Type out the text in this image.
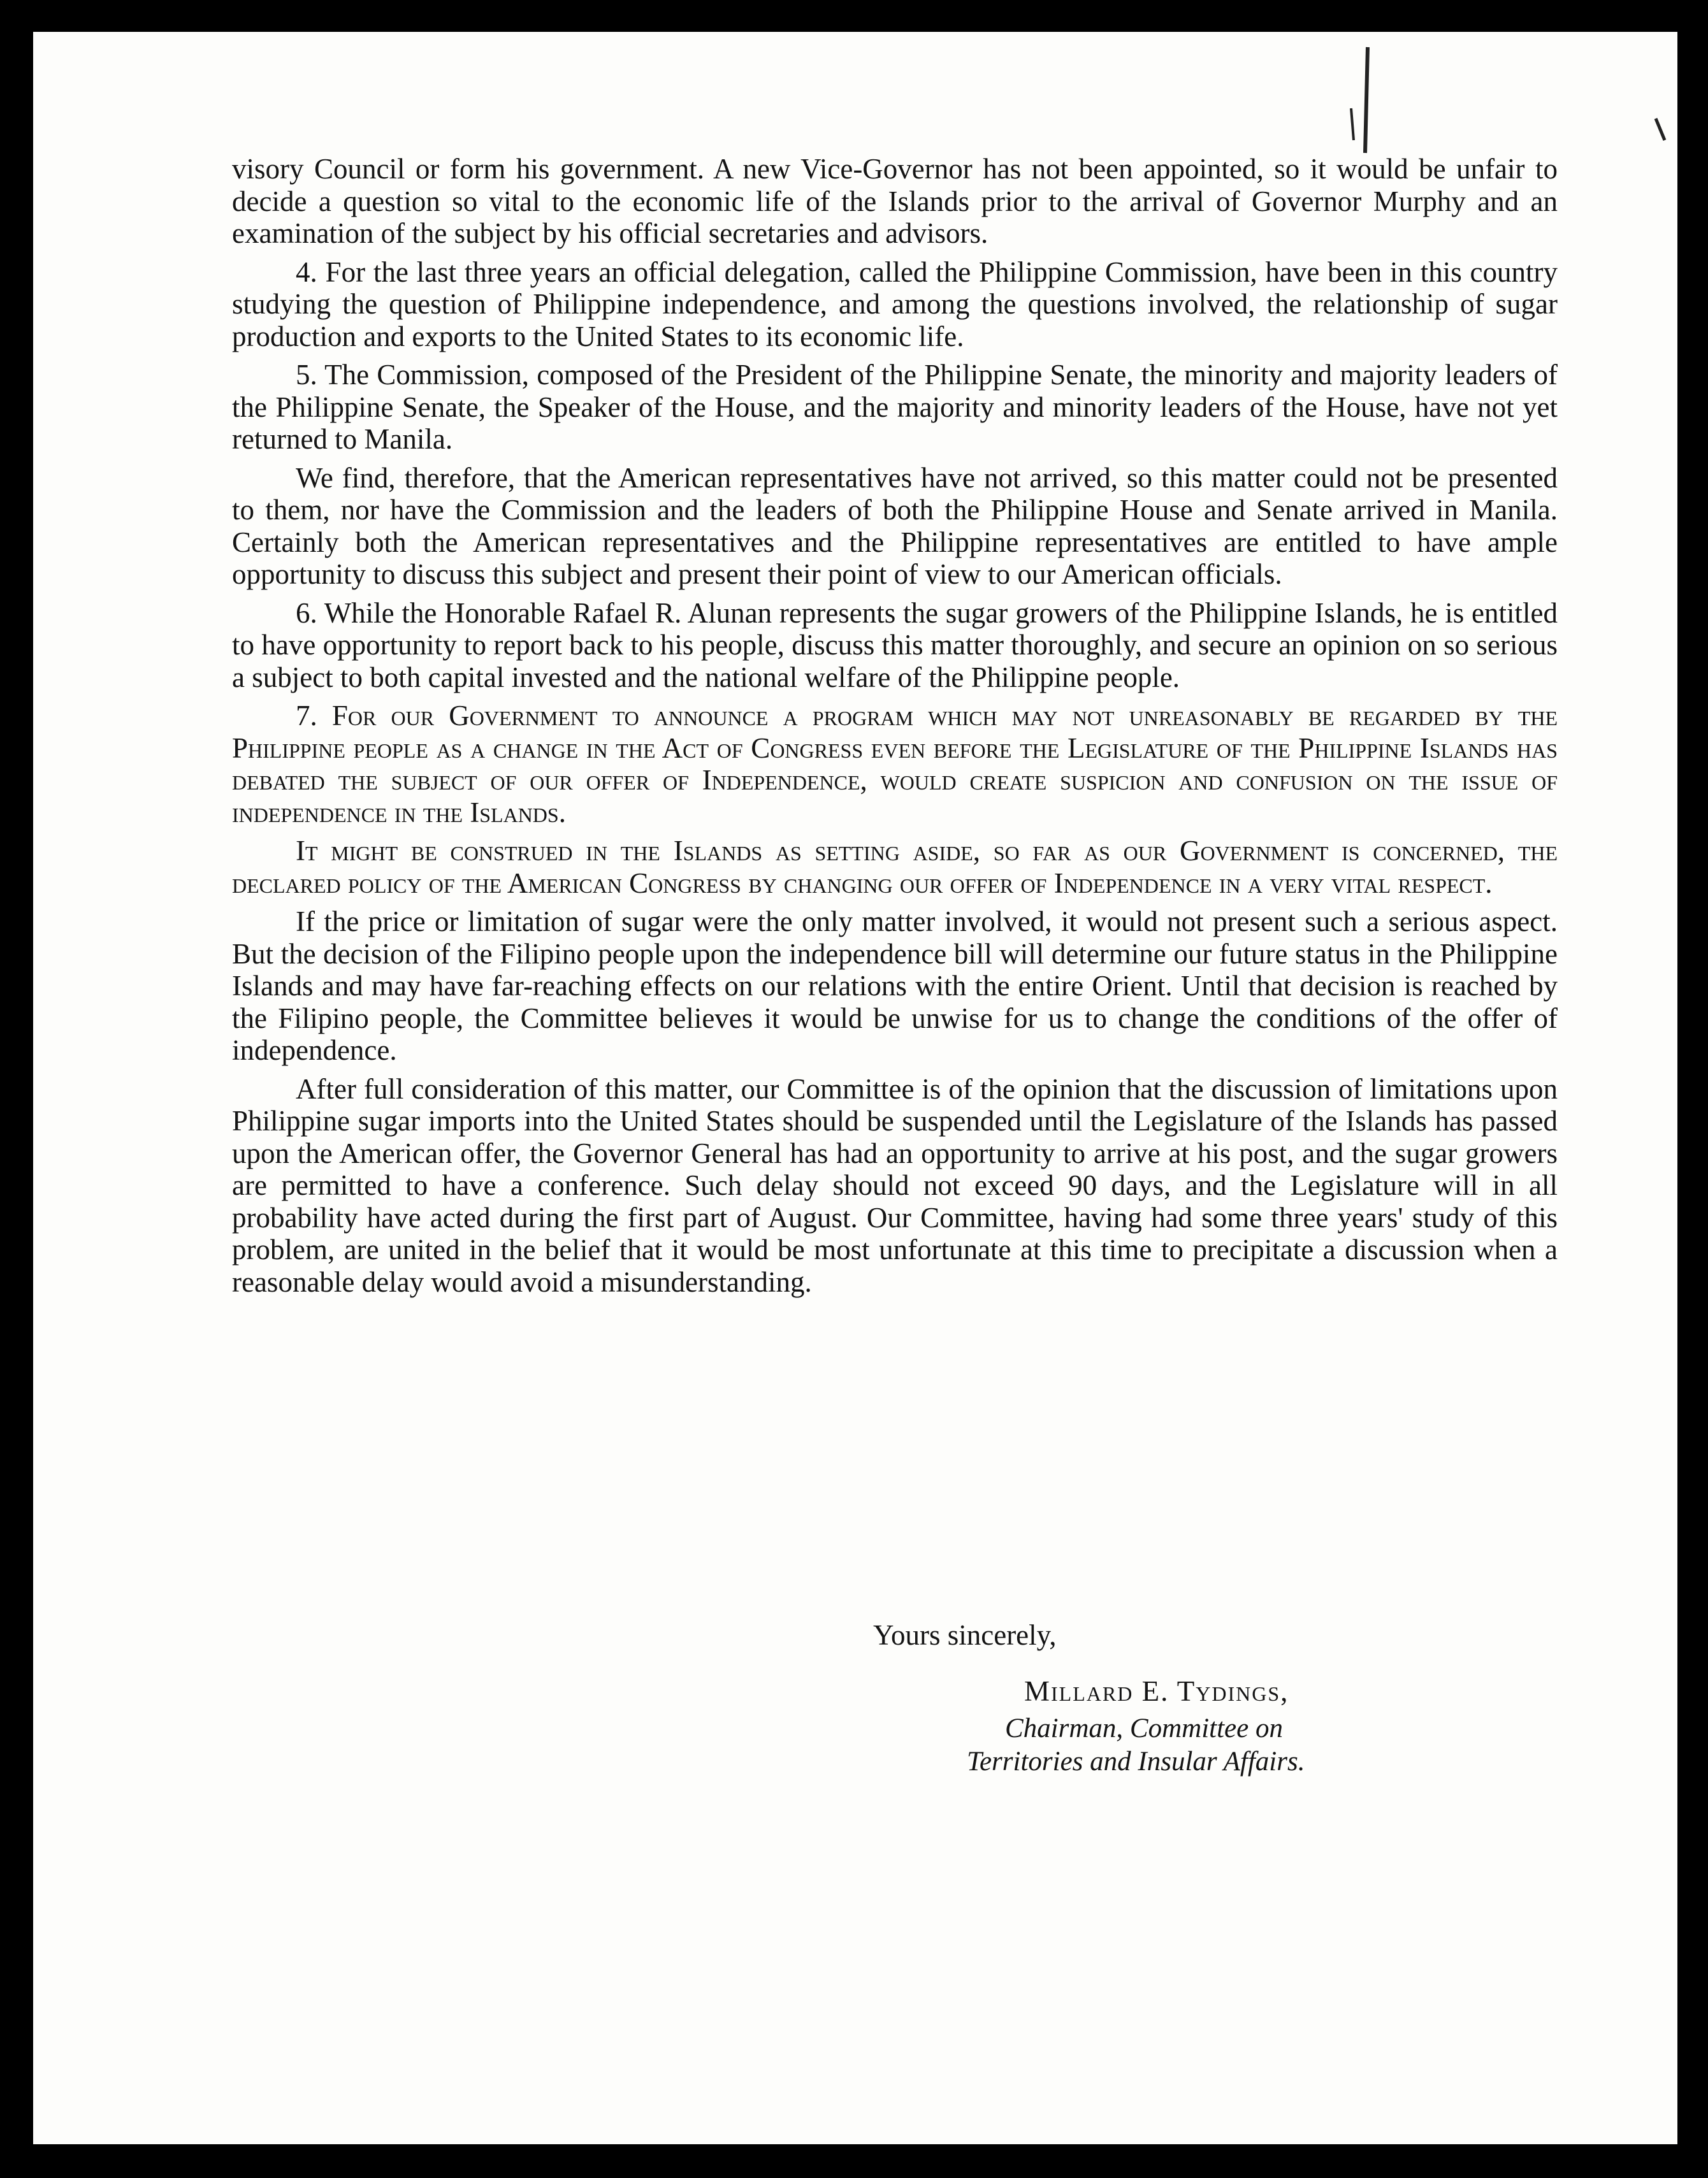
visory Council or form his government. A new Vice-Governor has not been appointed, so it would be unfair to decide a question so vital to the economic life of the Islands prior to the arrival of Governor Murphy and an examination of the subject by his official secretaries and advisors.

4. For the last three years an official delegation, called the Philippine Commission, have been in this country studying the question of Philippine independence, and among the questions involved, the relationship of sugar production and exports to the United States to its economic life.

5. The Commission, composed of the President of the Philippine Senate, the minority and majority leaders of the Philippine Senate, the Speaker of the House, and the majority and minority leaders of the House, have not yet returned to Manila.

We find, therefore, that the American representatives have not arrived, so this matter could not be presented to them, nor have the Commission and the leaders of both the Philippine House and Senate arrived in Manila. Certainly both the American representatives and the Philippine representatives are entitled to have ample opportunity to discuss this subject and present their point of view to our American officials.

6. While the Honorable Rafael R. Alunan represents the sugar growers of the Philippine Islands, he is entitled to have opportunity to report back to his people, discuss this matter thoroughly, and secure an opinion on so serious a subject to both capital invested and the national welfare of the Philippine people.

7. For our Government to announce a program which may not unreasonably be regarded by the Philippine people as a change in the Act of Congress even before the Legislature of the Philippine Islands has debated the subject of our offer of Independence, would create suspicion and confusion on the issue of independence in the Islands.

It might be construed in the Islands as setting aside, so far as our Government is concerned, the declared policy of the American Congress by changing our offer of Independence in a very vital respect.

If the price or limitation of sugar were the only matter involved, it would not present such a serious aspect. But the decision of the Filipino people upon the independence bill will determine our future status in the Philippine Islands and may have far-reaching effects on our relations with the entire Orient. Until that decision is reached by the Filipino people, the Committee believes it would be unwise for us to change the conditions of the offer of independence.

After full consideration of this matter, our Committee is of the opinion that the discussion of limitations upon Philippine sugar imports into the United States should be suspended until the Legislature of the Islands has passed upon the American offer, the Governor General has had an opportunity to arrive at his post, and the sugar growers are permitted to have a conference. Such delay should not exceed 90 days, and the Legislature will in all probability have acted during the first part of August. Our Committee, having had some three years' study of this problem, are united in the belief that it would be most unfortunate at this time to precipitate a discussion when a reasonable delay would avoid a misunderstanding.

Yours sincerely,
Millard E. Tydings,
Chairman, Committee on
Territories and Insular Affairs.
